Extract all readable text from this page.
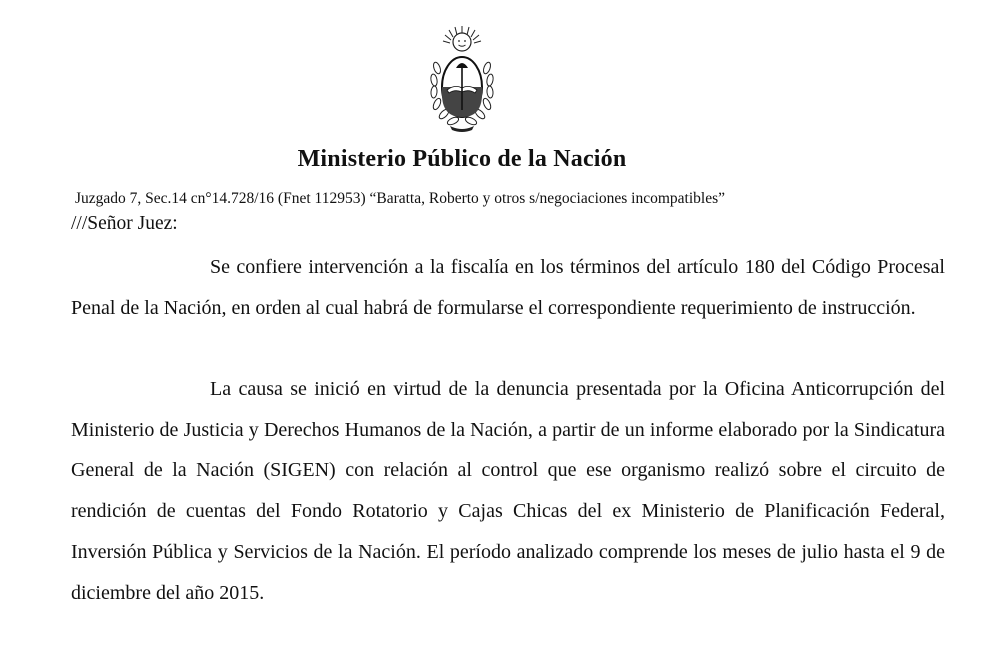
Ministerio Público de la Nación
Juzgado 7, Sec.14 cn°14.728/16 (Fnet 112953) “Baratta, Roberto y otros s/negociaciones incompatibles”
///Señor Juez:

Se confiere intervención a la fiscalía en los términos del artículo 180 del Código Procesal Penal de la Nación, en orden al cual habrá de formularse el correspondiente requerimiento de instrucción.

La causa se inició en virtud de la denuncia presentada por la Oficina Anticorrupción del Ministerio de Justicia y Derechos Humanos de la Nación, a partir de un informe elaborado por la Sindicatura General de la Nación (SIGEN) con relación al control que ese organismo realizó sobre el circuito de rendición de cuentas del Fondo Rotatorio y Cajas Chicas del ex Ministerio de Planificación Federal, Inversión Pública y Servicios de la Nación. El período analizado comprende los meses de julio hasta el 9 de diciembre del año 2015.
